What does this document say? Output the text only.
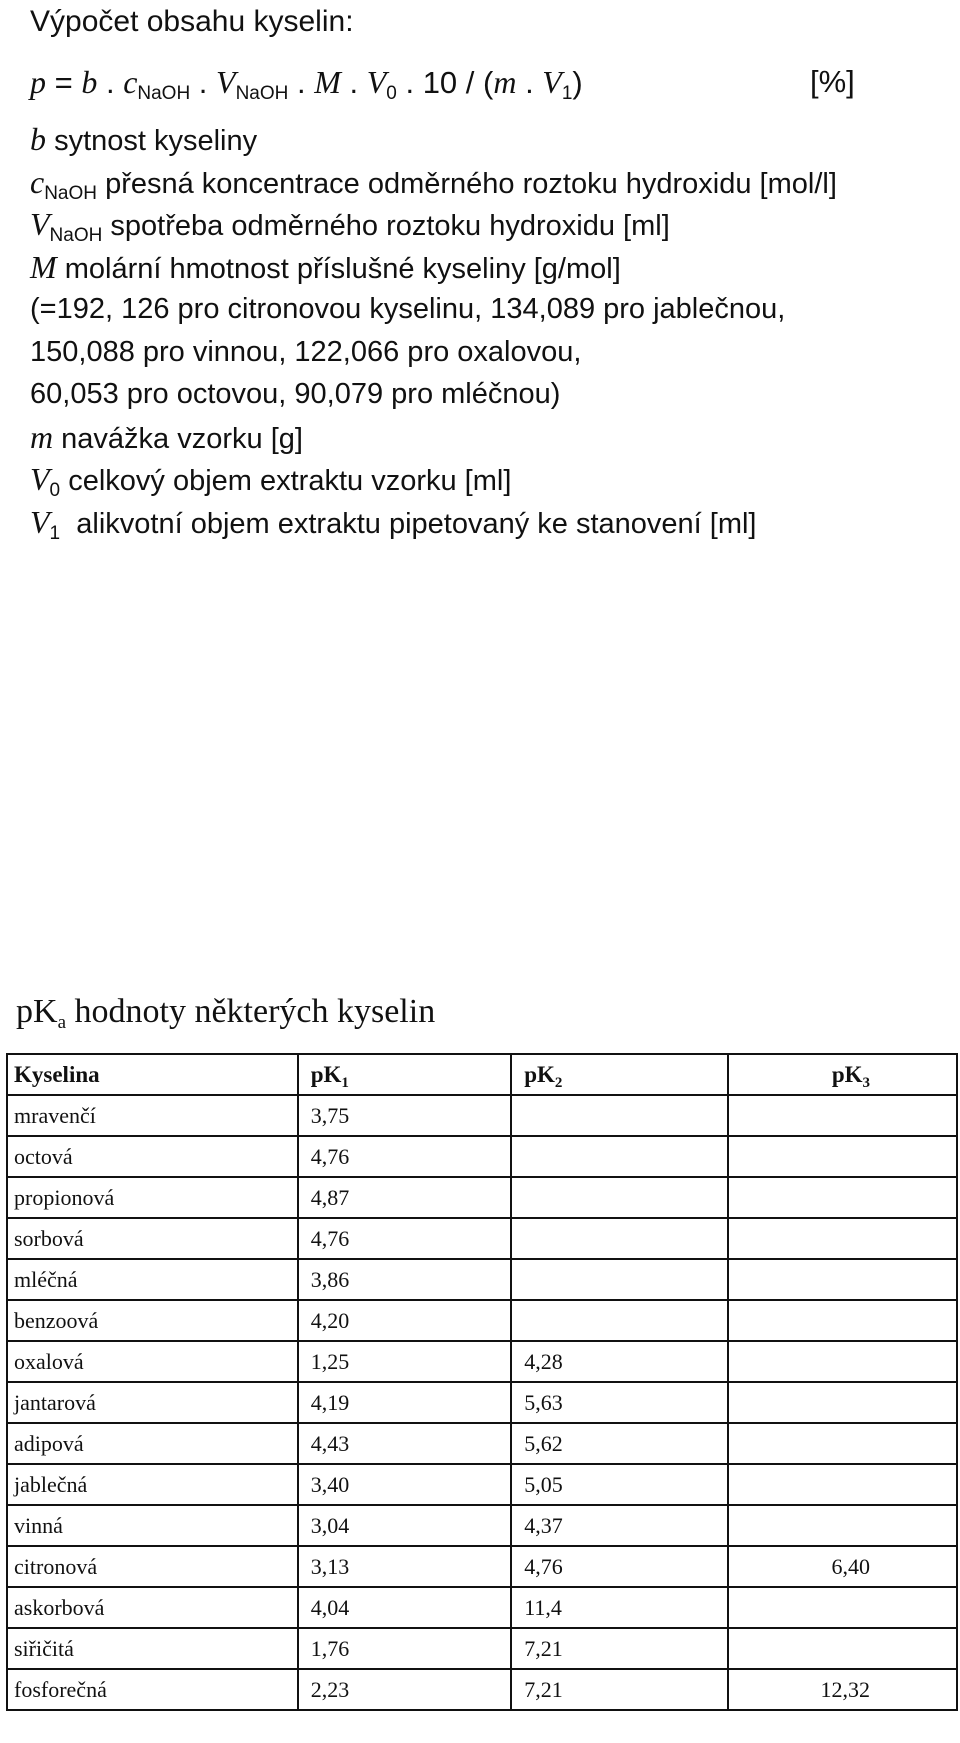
Výpočet obsahu kyselin:
p = b . $c_{NaOH}$ . $V_{NaOH}$ . M . $V_0$ . 10 / (m . $V_1$)	[%]
b sytnost kyseliny
$c_{NaOH}$ přesná koncentrace odměrného roztoku hydroxidu [mol/l]
$V_{NaOH}$ spotřeba odměrného roztoku hydroxidu [ml]
M molární hmotnost příslušné kyseliny [g/mol]
(=192, 126 pro citronovou kyselinu, 134,089 pro jablečnou,
150,088 pro vinnou, 122,066 pro oxalovou,
60,053 pro octovou, 90,079 pro mléčnou)
m navážka vzorku [g]
$V_0$ celkový objem extraktu vzorku [ml]
$V_1$ alikvotní objem extraktu pipetovaný ke stanovení [ml]
$pK_a$ hodnoty některých kyselin
Kyselina	$pK_1$	$pK_2$	$pK_3$
mravenčí	3,75		
octová	4,76		
propionová	4,87		
sorbová	4,76		
mléčná	3,86		
benzoová	4,20		
oxalová	1,25	4,28	
jantarová	4,19	5,63	
adipová	4,43	5,62	
jablečná	3,40	5,05	
vinná	3,04	4,37	
citronová	3,13	4,76	6,40
askorbová	4,04	11,4	
siřičitá	1,76	7,21	
fosforečná	2,23	7,21	12,32
